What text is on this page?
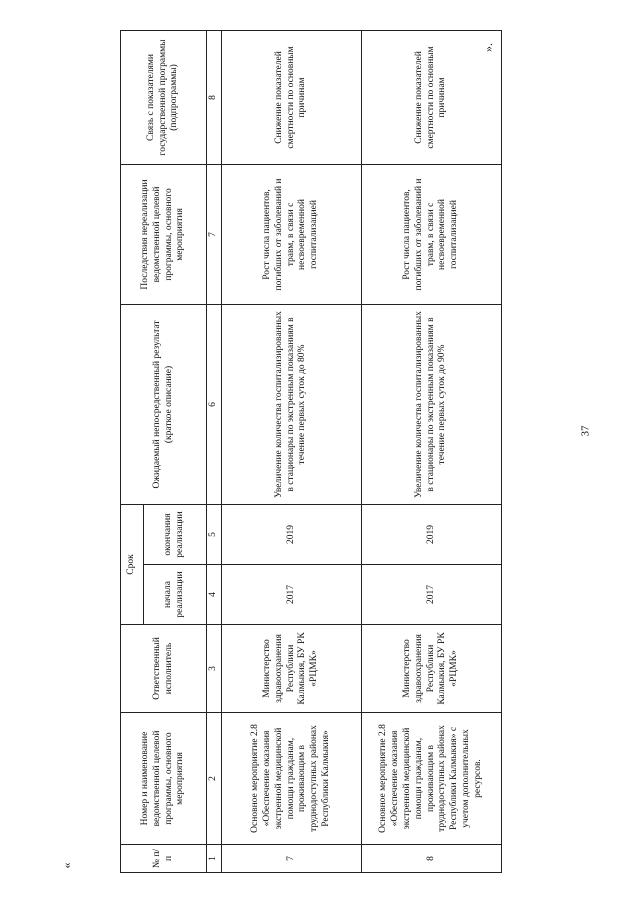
№ п/п	Номер и наименование ведомственной целевой программы, основного мероприятия	Ответственный исполнитель	Срок		Ожидаемый непосредственный результат (краткое описание)	Последствия нереализации ведомственной целевой программы, основного мероприятия	Связь с показателями государственной программы (подпрограммы)
			начала реализации	окончания реализации			
1	2	3	4	5	6	7	8
7	Основное мероприятие 2.8 «Обеспечение оказания экстренной медицинской помощи гражданам, проживающим в труднодоступных районах Республики Калмыкия»	Министерство здравоохранения Республики Калмыкия, БУ РК «РЦМК»	2017	2019	Увеличение количества госпитализированных в стационары по экстренным показаниям в течение первых суток до 80%	Рост числа пациентов, погибших от заболеваний и травм, в связи с несвоевременной госпитализацией	Снижение показателей смертности по основным причинам
8	Основное мероприятие 2.8 «Обеспечение оказания экстренной медицинской помощи гражданам, проживающим в труднодоступных районах Республики Калмыкия» с учетом дополнительных ресурсов.	Министерство здравоохранения Республики Калмыкия, БУ РК «РЦМК»	2017	2019	Увеличение количества госпитализированных в стационары по экстренным показаниям в течение первых суток до 90%	Рост числа пациентов, погибших от заболеваний и травм, в связи с несвоевременной госпитализацией	Снижение показателей смертности по основным причинам
«
».
37
